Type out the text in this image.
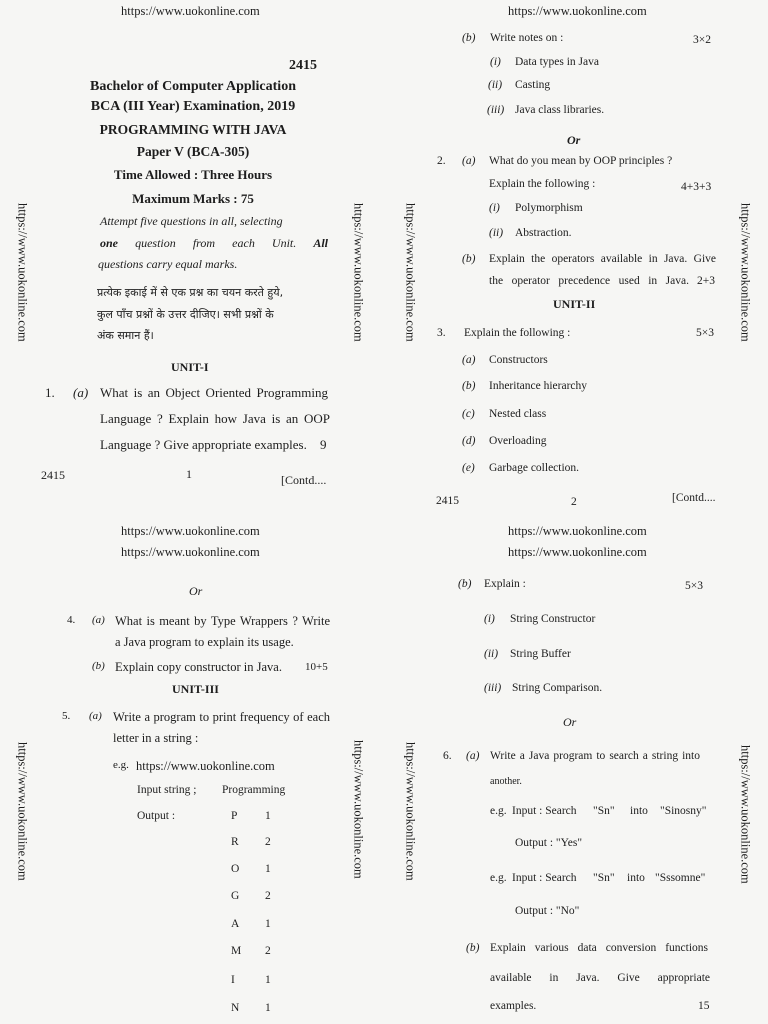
https://www.uokonline.com	https://www.uokonline.com	https://www.uokonline.com	https://www.uokonline.com
https://www.uokonline.com	https://www.uokonline.com	https://www.uokonline.com	https://www.uokonline.com
https://www.uokonline.com
2415
Bachelor of Computer Application
BCA (III Year) Examination, 2019
PROGRAMMING WITH JAVA
Paper V (BCA-305)
Time Allowed : Three Hours
Maximum Marks : 75
Attempt five questions in all, selecting
one question from each Unit. All
questions carry equal marks.
प्रत्येक इकाई में से एक प्रश्न का चयन करते हुये,
कुल पाँच प्रश्नों के उत्तर दीजिए। सभी प्रश्नों के
अंक समान हैं।
UNIT-I
1. (a) What is an Object Oriented Programming
Language ? Explain how Java is an OOP
Language ? Give appropriate examples. 9
2415	1	[Contd....
https://www.uokonline.com
(b) Write notes on :	3×2
(i) Data types in Java
(ii) Casting
(iii) Java class libraries.
Or
2. (a) What do you mean by OOP principles ?
Explain the following :	4+3+3
(i) Polymorphism
(ii) Abstraction.
(b) Explain the operators available in Java. Give
the operator precedence used in Java. 2+3
UNIT-II
3. Explain the following :	5×3
(a) Constructors
(b) Inheritance hierarchy
(c) Nested class
(d) Overloading
(e) Garbage collection.
2415	2	[Contd....
https://www.uokonline.com
https://www.uokonline.com
Or
4. (a) What is meant by Type Wrappers ? Write
a Java program to explain its usage.
(b) Explain copy constructor in Java. 10+5
UNIT-III
5. (a) Write a program to print frequency of each
letter in a string :
e.g. https://www.uokonline.com
Input string ; Programming
Output :	P 1
R 2
O 1
G 2
A 1
M 2
I	1
N 1
https://www.uokonline.com
https://www.uokonline.com
(b) Explain :	5×3
(i) String Constructor
(ii) String Buffer
(iii) String Comparison.
Or
6. (a) Write a Java program to search a string into
another.
e.g. Input : Search "Sn" into "Sinosny"
Output : "Yes"
e.g. Input : Search "Sn" into "Sssomne"
Output : "No"
(b) Explain various data conversion functions
available in Java. Give appropriate
examples.	15
